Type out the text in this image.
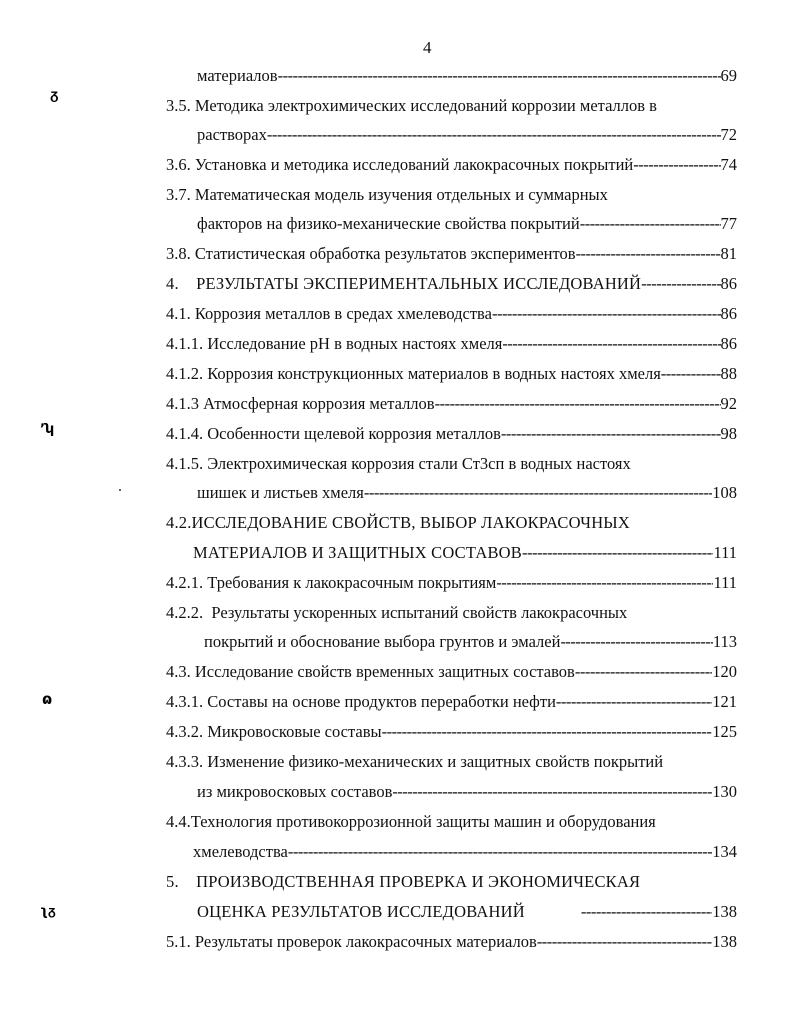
4
ᵹ
ʼʮ
ɷ
ʅᵹ
материалов -----	69
3.5. Методика электрохимических исследований коррозии металлов в
растворах -----	72
3.6. Установка и методика исследований лакокрасочных покрытий -----	74
3.7. Математическая модель изучения отдельных и суммарных
факторов на физико-механические свойства покрытий -----	77
3.8. Статистическая обработка результатов экспериментов -----	81
4.    РЕЗУЛЬТАТЫ ЭКСПЕРИМЕНТАЛЬНЫХ ИССЛЕДОВАНИЙ -----	86
4.1. Коррозия металлов в средах хмелеводства -----	86
4.1.1. Исследование pH в водных настоях хмеля -----	86
4.1.2. Коррозия конструкционных материалов в водных настоях хмеля -----	88
4.1.3 Атмосферная коррозия металлов -----	92
4.1.4. Особенности щелевой коррозия металлов -----	98
4.1.5. Электрохимическая коррозия стали Ст3сп в водных настоях
шишек и листьев хмеля -----	108
4.2.ИССЛЕДОВАНИЕ СВОЙСТВ, ВЫБОР ЛАКОКРАСОЧНЫХ
МАТЕРИАЛОВ И ЗАЩИТНЫХ СОСТАВОВ -----	111
4.2.1. Требования к лакокрасочным покрытиям -----	111
4.2.2.  Результаты ускоренных испытаний свойств лакокрасочных
покрытий и обоснование выбора грунтов и эмалей -----	113
4.3. Исследование свойств временных защитных составов -----	120
4.3.1. Составы на основе продуктов переработки нефти -----	121
4.3.2. Микровосковые составы -----	125
4.3.3. Изменение физико-механических и защитных свойств покрытий
из микровосковых составов -----	130
4.4.Технология противокоррозионной защиты машин и оборудования
хмелеводства -----	134
5.    ПРОИЗВОДСТВЕННАЯ ПРОВЕРКА И ЭКОНОМИЧЕСКАЯ
ОЦЕНКА РЕЗУЛЬТАТОВ ИССЛЕДОВАНИЙ -----	138
5.1. Результаты проверок лакокрасочных материалов -----	138
